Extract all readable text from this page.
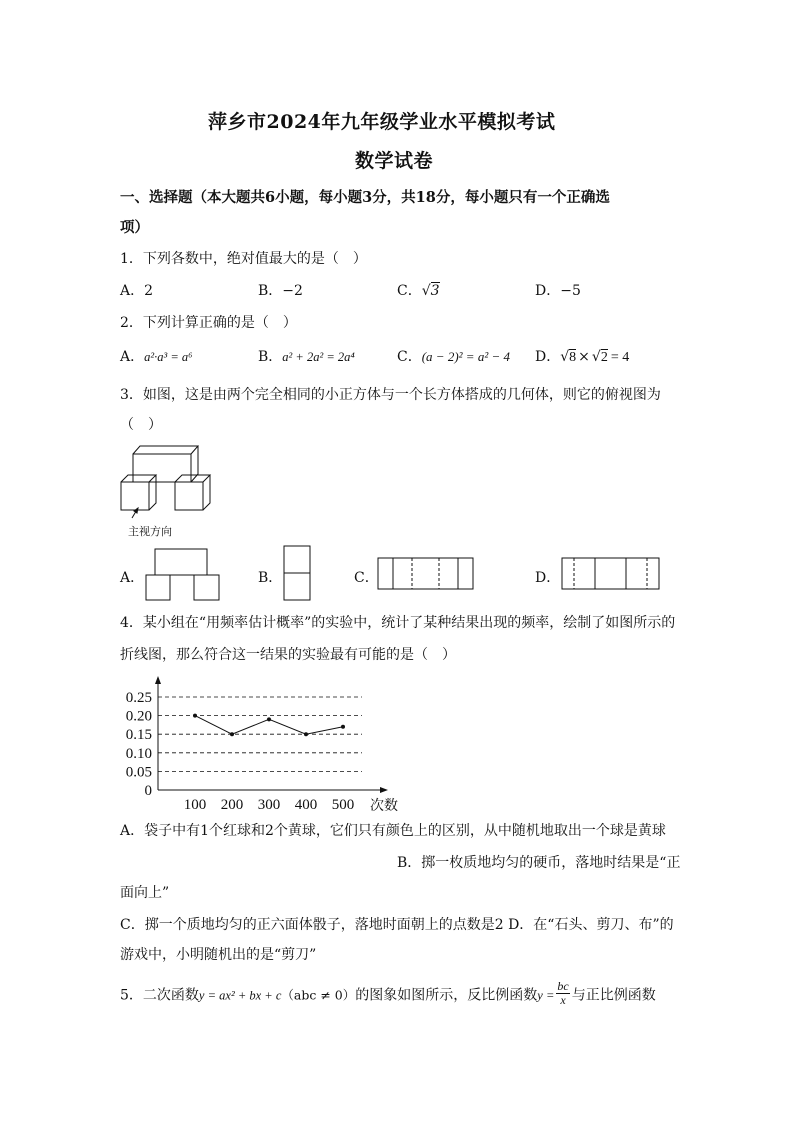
萍乡市2024年九年级学业水平模拟考试
数学试卷
一、选择题（本大题共6小题，每小题3分，共18分，每小题只有一个正确选
项）
1．下列各数中，绝对值最大的是（　）
A．2	B．−2	C．√3	D．−5
2．下列计算正确的是（　）
A．a²·a³ = a⁶	B．a² + 2a² = 2a⁴	C．(a − 2)² = a² − 4 D．√8 × √2 = 4
3．如图，这是由两个完全相同的小正方体与一个长方体搭成的几何体，则它的俯视图为
（　）
主视方向
A．	B．	C．	D．
4．某小组在“用频率估计概率”的实验中，统计了某种结果出现的频率，绘制了如图所示的
折线图，那么符合这一结果的实验最有可能的是（　）
0
0.05
0.10
0.15
0.20
0.25
100 200 300 400 500 次数
A．袋子中有1个红球和2个黄球，它们只有颜色上的区别，从中随机地取出一个球是黄球
B．掷一枚质地均匀的硬币，落地时结果是“正
面向上”
C．掷一个质地均匀的正六面体骰子，落地时面朝上的点数是2 D．在“石头、剪刀、布”的
游戏中，小明随机出的是“剪刀”
5．二次函数y = ax² + bx + c（abc ≠ 0）的图象如图所示，反比例函数$y = \frac{bc}{x}$ 与正比例函数
